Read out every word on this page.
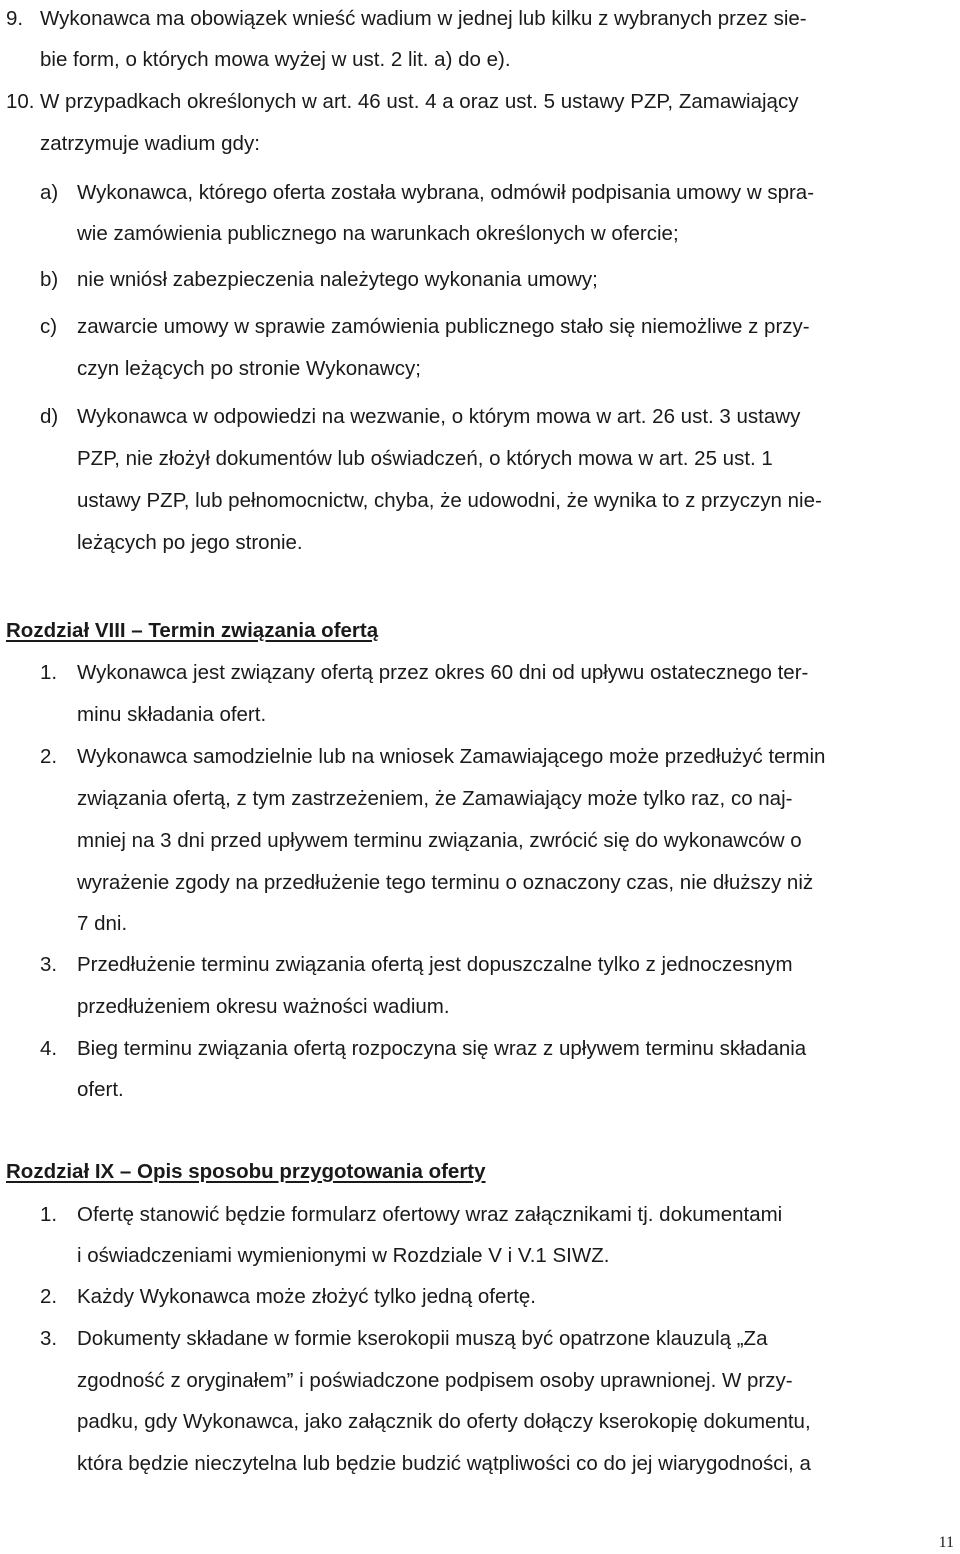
9. Wykonawca ma obowiązek wnieść wadium w jednej lub kilku z wybranych przez sie-
bie form, o których mowa wyżej w ust. 2 lit. a) do e).
10. W przypadkach określonych w art. 46 ust. 4 a oraz ust. 5 ustawy PZP, Zamawiający
zatrzymuje wadium gdy:
a) Wykonawca, którego oferta została wybrana, odmówił podpisania umowy w spra-
wie zamówienia publicznego na warunkach określonych w ofercie;
b) nie wniósł zabezpieczenia należytego wykonania umowy;
c) zawarcie umowy w sprawie zamówienia publicznego stało się niemożliwe z przy-
czyn leżących po stronie Wykonawcy;
d) Wykonawca w odpowiedzi na wezwanie, o którym mowa w art. 26 ust. 3 ustawy
PZP, nie złożył dokumentów lub oświadczeń, o których mowa w art. 25 ust. 1
ustawy PZP, lub pełnomocnictw, chyba, że udowodni, że wynika to z przyczyn nie-
leżących po jego stronie.
Rozdział VIII – Termin związania ofertą
1. Wykonawca jest związany ofertą przez okres 60 dni od upływu ostatecznego ter-
minu składania ofert.
2. Wykonawca samodzielnie lub na wniosek Zamawiającego może przedłużyć termin
związania ofertą, z tym zastrzeżeniem, że Zamawiający może tylko raz, co naj-
mniej na 3 dni przed upływem terminu związania, zwrócić się do wykonawców o
wyrażenie zgody na przedłużenie tego terminu o oznaczony czas, nie dłuższy niż
7 dni.
3. Przedłużenie terminu związania ofertą jest dopuszczalne tylko z jednoczesnym
przedłużeniem okresu ważności wadium.
4. Bieg terminu związania ofertą rozpoczyna się wraz z upływem terminu składania
ofert.
Rozdział IX – Opis sposobu przygotowania oferty
1. Ofertę stanowić będzie formularz ofertowy wraz załącznikami tj. dokumentami
i oświadczeniami wymienionymi w Rozdziale V i V.1 SIWZ.
2. Każdy Wykonawca może złożyć tylko jedną ofertę.
3. Dokumenty składane w formie kserokopii muszą być opatrzone klauzulą „Za
zgodność z oryginałem” i poświadczone podpisem osoby uprawnionej. W przy-
padku, gdy Wykonawca, jako załącznik do oferty dołączy kserokopię dokumentu,
która będzie nieczytelna lub będzie budzić wątpliwości co do jej wiarygodności, a
11
